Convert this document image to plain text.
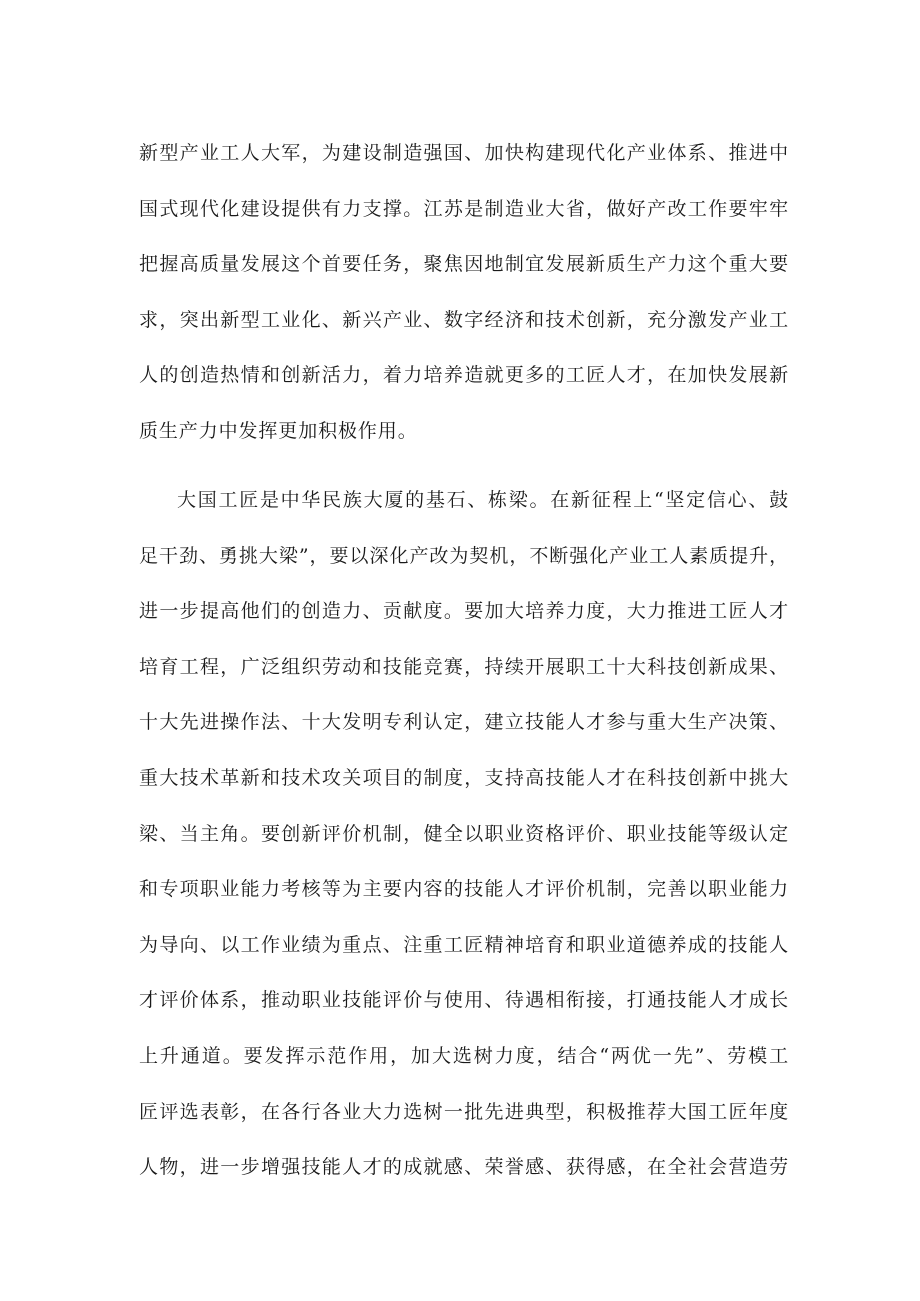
新型产业工人大军，为建设制造强国、加快构建现代化产业体系、推进中
国式现代化建设提供有力支撑。江苏是制造业大省，做好产改工作要牢牢
把握高质量发展这个首要任务，聚焦因地制宜发展新质生产力这个重大要
求，突出新型工业化、新兴产业、数字经济和技术创新，充分激发产业工
人的创造热情和创新活力，着力培养造就更多的工匠人才，在加快发展新
质生产力中发挥更加积极作用。
大国工匠是中华民族大厦的基石、栋梁。在新征程上“坚定信心、鼓
足干劲、勇挑大梁”，要以深化产改为契机，不断强化产业工人素质提升，
进一步提高他们的创造力、贡献度。要加大培养力度，大力推进工匠人才
培育工程，广泛组织劳动和技能竞赛，持续开展职工十大科技创新成果、
十大先进操作法、十大发明专利认定，建立技能人才参与重大生产决策、
重大技术革新和技术攻关项目的制度，支持高技能人才在科技创新中挑大
梁、当主角。要创新评价机制，健全以职业资格评价、职业技能等级认定
和专项职业能力考核等为主要内容的技能人才评价机制，完善以职业能力
为导向、以工作业绩为重点、注重工匠精神培育和职业道德养成的技能人
才评价体系，推动职业技能评价与使用、待遇相衔接，打通技能人才成长
上升通道。要发挥示范作用，加大选树力度，结合“两优一先”、劳模工
匠评选表彰，在各行各业大力选树一批先进典型，积极推荐大国工匠年度
人物，进一步增强技能人才的成就感、荣誉感、获得感，在全社会营造劳
